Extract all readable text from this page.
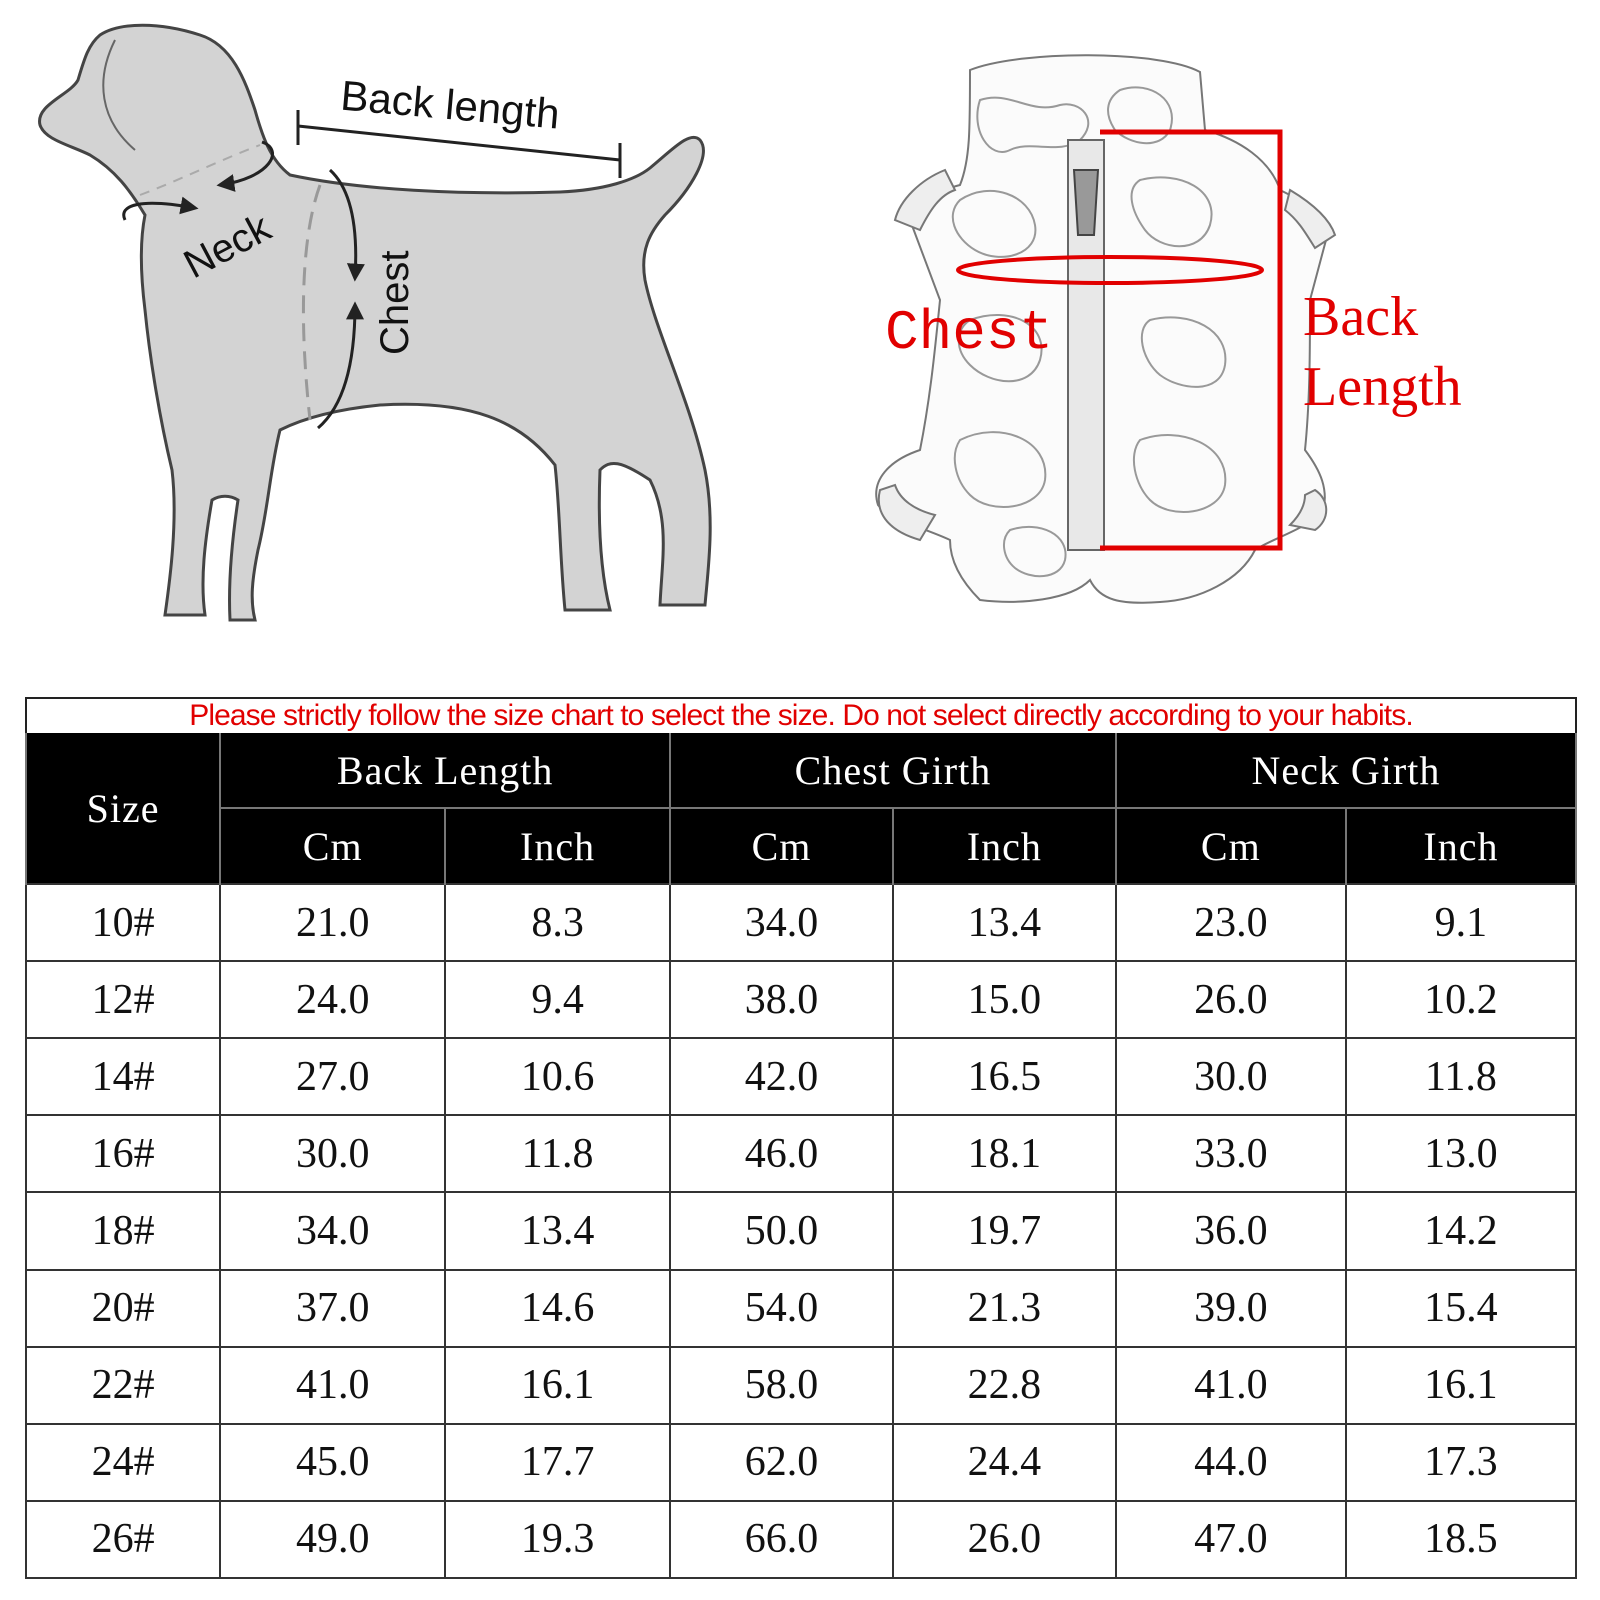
Back length
Neck
Chest	Chest	Back
Length
Please strictly follow the size chart to select the size. Do not select directly according to your habits.						
Size	Back Length		Chest Girth		Neck Girth	
	Cm	Inch	Cm	Inch	Cm	Inch
10#	21.0	8.3	34.0	13.4	23.0	9.1
12#	24.0	9.4	38.0	15.0	26.0	10.2
14#	27.0	10.6	42.0	16.5	30.0	11.8
16#	30.0	11.8	46.0	18.1	33.0	13.0
18#	34.0	13.4	50.0	19.7	36.0	14.2
20#	37.0	14.6	54.0	21.3	39.0	15.4
22#	41.0	16.1	58.0	22.8	41.0	16.1
24#	45.0	17.7	62.0	24.4	44.0	17.3
26#	49.0	19.3	66.0	26.0	47.0	18.5
